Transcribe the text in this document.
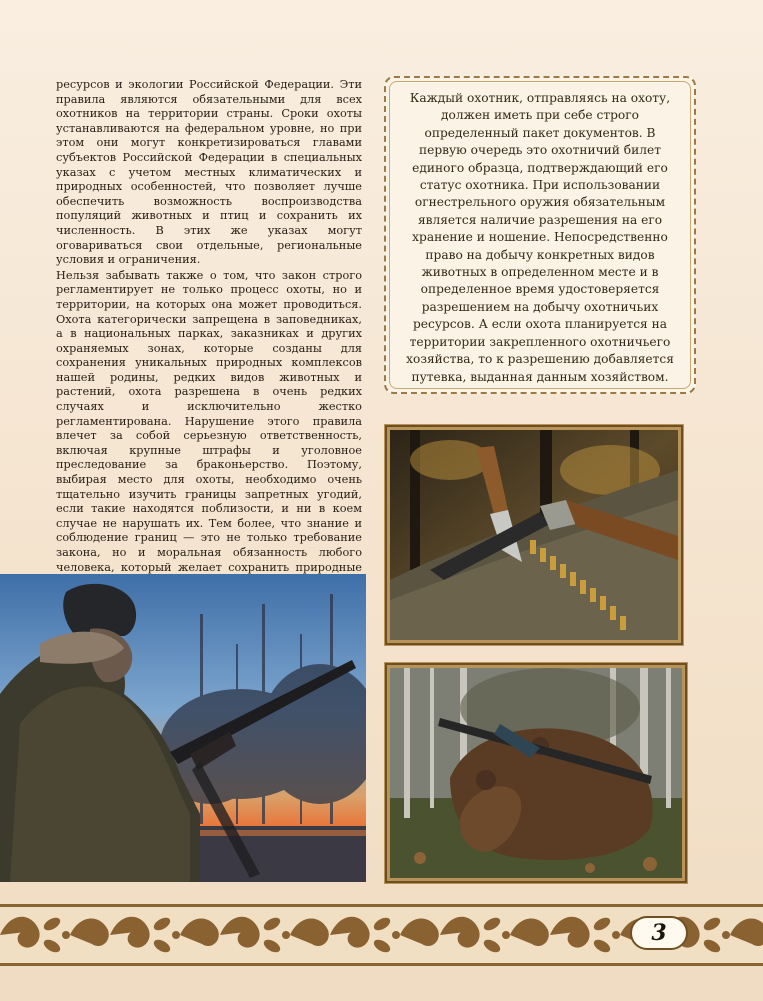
ресурсов и экологии Российской Федерации. Эти правила являются обязательными для всех охотников на территории страны. Сроки охоты устанавливаются на федеральном уровне, но при этом они могут конкретизироваться главами субъектов Российской Федерации в специальных указах с учетом местных климатических и природных особенностей, что позволяет лучше обеспечить возможность воспроизводства популяций животных и птиц и сохранить их численность. В этих же указах могут оговариваться свои отдельные, региональные условия и ограничения.

Нельзя забывать также о том, что закон строго регламентирует не только процесс охоты, но и территории, на которых она может проводиться. Охота категорически запрещена в заповедниках, а в национальных парках, заказниках и других охраняемых зонах, которые созданы для сохранения уникальных природных комплексов нашей родины, редких видов животных и растений, охота разрешена в очень редких случаях и исключительно жестко регламентирована. Нарушение этого правила влечет за собой серьезную ответственность, включая крупные штрафы и уголовное преследование за браконьерство. Поэтому, выбирая место для охоты, необходимо очень тщательно изучить границы запретных угодий, если такие находятся поблизости, и ни в коем случае не нарушать их. Тем более, что знание и соблюдение границ — это не только требование закона, но и моральная обязанность любого человека, который желает сохранить природные

Каждый охотник, отправляясь на охоту, должен иметь при себе строго определенный пакет документов. В первую очередь это охотничий билет единого образца, подтверждающий его статус охотника. При использовании огнестрельного оружия обязательным является наличие разрешения на его хранение и ношение. Непосредственно право на добычу конкретных видов животных в определенном месте и в определенное время удостоверяется разрешением на добычу охотничьих ресурсов. А если охота планируется на территории закрепленного охотничьего хозяйства, то к разрешению добавляется путевка, выданная данным хозяйством.

3
